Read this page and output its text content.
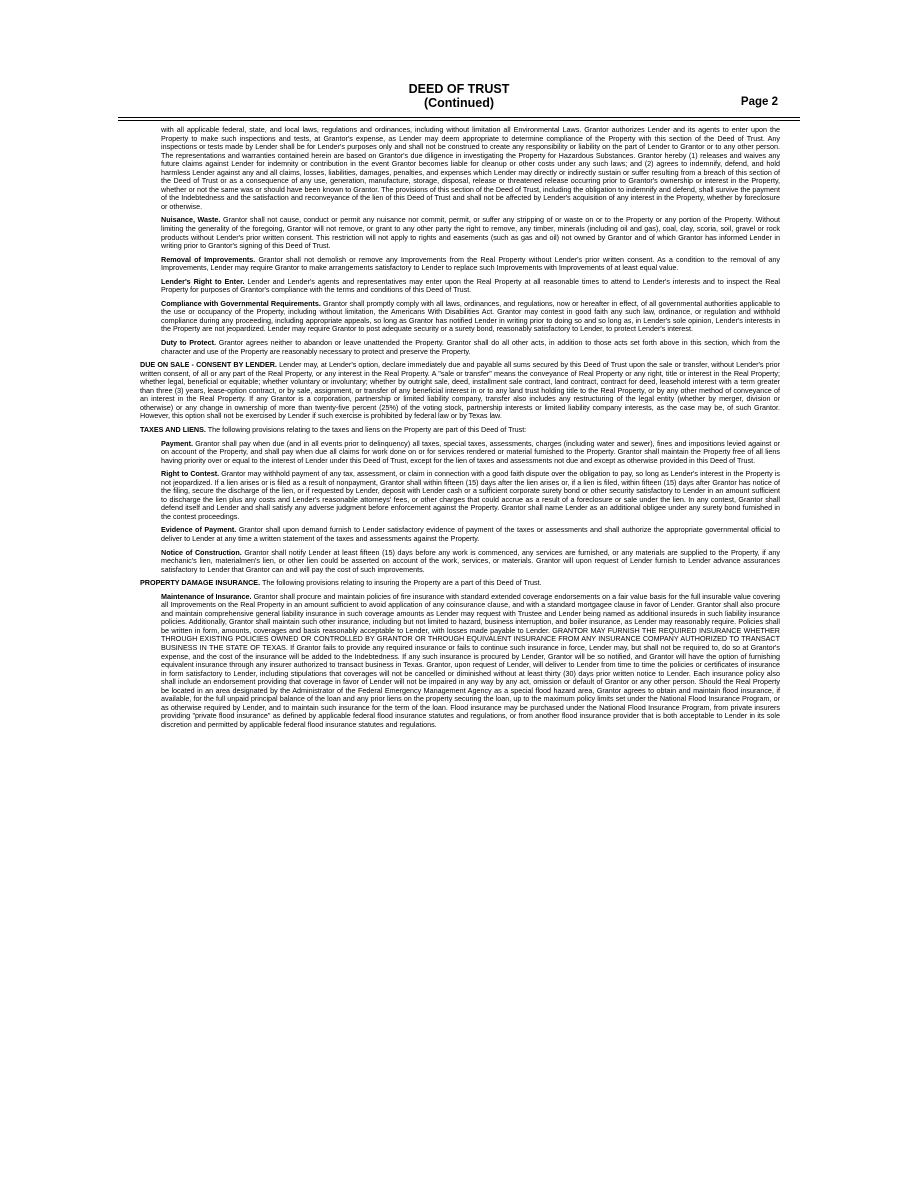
DEED OF TRUST
(Continued)	Page 2

with all applicable federal, state, and local laws, regulations and ordinances, including without limitation all Environmental Laws. Grantor authorizes Lender and its agents to enter upon the Property to make such inspections and tests, at Grantor's expense, as Lender may deem appropriate to determine compliance of the Property with this section of the Deed of Trust. Any inspections or tests made by Lender shall be for Lender's purposes only and shall not be construed to create any responsibility or liability on the part of Lender to Grantor or to any other person. The representations and warranties contained herein are based on Grantor's due diligence in investigating the Property for Hazardous Substances. Grantor hereby (1) releases and waives any future claims against Lender for indemnity or contribution in the event Grantor becomes liable for cleanup or other costs under any such laws; and (2) agrees to indemnify, defend, and hold harmless Lender against any and all claims, losses, liabilities, damages, penalties, and expenses which Lender may directly or indirectly sustain or suffer resulting from a breach of this section of the Deed of Trust or as a consequence of any use, generation, manufacture, storage, disposal, release or threatened release occurring prior to Grantor's ownership or interest in the Property, whether or not the same was or should have been known to Grantor. The provisions of this section of the Deed of Trust, including the obligation to indemnify and defend, shall survive the payment of the Indebtedness and the satisfaction and reconveyance of the lien of this Deed of Trust and shall not be affected by Lender's acquisition of any interest in the Property, whether by foreclosure or otherwise.

Nuisance, Waste. Grantor shall not cause, conduct or permit any nuisance nor commit, permit, or suffer any stripping of or waste on or to the Property or any portion of the Property. Without limiting the generality of the foregoing, Grantor will not remove, or grant to any other party the right to remove, any timber, minerals (including oil and gas), coal, clay, scoria, soil, gravel or rock products without Lender's prior written consent. This restriction will not apply to rights and easements (such as gas and oil) not owned by Grantor and of which Grantor has informed Lender in writing prior to Grantor's signing of this Deed of Trust.

Removal of Improvements. Grantor shall not demolish or remove any Improvements from the Real Property without Lender's prior written consent. As a condition to the removal of any Improvements, Lender may require Grantor to make arrangements satisfactory to Lender to replace such Improvements with Improvements of at least equal value.

Lender's Right to Enter. Lender and Lender's agents and representatives may enter upon the Real Property at all reasonable times to attend to Lender's interests and to inspect the Real Property for purposes of Grantor's compliance with the terms and conditions of this Deed of Trust.

Compliance with Governmental Requirements. Grantor shall promptly comply with all laws, ordinances, and regulations, now or hereafter in effect, of all governmental authorities applicable to the use or occupancy of the Property, including without limitation, the Americans With Disabilities Act. Grantor may contest in good faith any such law, ordinance, or regulation and withhold compliance during any proceeding, including appropriate appeals, so long as Grantor has notified Lender in writing prior to doing so and so long as, in Lender's sole opinion, Lender's interests in the Property are not jeopardized. Lender may require Grantor to post adequate security or a surety bond, reasonably satisfactory to Lender, to protect Lender's interest.

Duty to Protect. Grantor agrees neither to abandon or leave unattended the Property. Grantor shall do all other acts, in addition to those acts set forth above in this section, which from the character and use of the Property are reasonably necessary to protect and preserve the Property.

DUE ON SALE - CONSENT BY LENDER. Lender may, at Lender's option, declare immediately due and payable all sums secured by this Deed of Trust upon the sale or transfer, without Lender's prior written consent, of all or any part of the Real Property, or any interest in the Real Property. A "sale or transfer" means the conveyance of Real Property or any right, title or interest in the Real Property; whether legal, beneficial or equitable; whether voluntary or involuntary; whether by outright sale, deed, installment sale contract, land contract, contract for deed, leasehold interest with a term greater than three (3) years, lease-option contract, or by sale, assignment, or transfer of any beneficial interest in or to any land trust holding title to the Real Property, or by any other method of conveyance of an interest in the Real Property. If any Grantor is a corporation, partnership or limited liability company, transfer also includes any restructuring of the legal entity (whether by merger, division or otherwise) or any change in ownership of more than twenty-five percent (25%) of the voting stock, partnership interests or limited liability company interests, as the case may be, of such Grantor. However, this option shall not be exercised by Lender if such exercise is prohibited by federal law or by Texas law.

TAXES AND LIENS. The following provisions relating to the taxes and liens on the Property are part of this Deed of Trust:

Payment. Grantor shall pay when due (and in all events prior to delinquency) all taxes, special taxes, assessments, charges (including water and sewer), fines and impositions levied against or on account of the Property, and shall pay when due all claims for work done on or for services rendered or material furnished to the Property. Grantor shall maintain the Property free of all liens having priority over or equal to the interest of Lender under this Deed of Trust, except for the lien of taxes and assessments not due and except as otherwise provided in this Deed of Trust.

Right to Contest. Grantor may withhold payment of any tax, assessment, or claim in connection with a good faith dispute over the obligation to pay, so long as Lender's interest in the Property is not jeopardized. If a lien arises or is filed as a result of nonpayment, Grantor shall within fifteen (15) days after the lien arises or, if a lien is filed, within fifteen (15) days after Grantor has notice of the filing, secure the discharge of the lien, or if requested by Lender, deposit with Lender cash or a sufficient corporate surety bond or other security satisfactory to Lender in an amount sufficient to discharge the lien plus any costs and Lender's reasonable attorneys' fees, or other charges that could accrue as a result of a foreclosure or sale under the lien. In any contest, Grantor shall defend itself and Lender and shall satisfy any adverse judgment before enforcement against the Property. Grantor shall name Lender as an additional obligee under any surety bond furnished in the contest proceedings.

Evidence of Payment. Grantor shall upon demand furnish to Lender satisfactory evidence of payment of the taxes or assessments and shall authorize the appropriate governmental official to deliver to Lender at any time a written statement of the taxes and assessments against the Property.

Notice of Construction. Grantor shall notify Lender at least fifteen (15) days before any work is commenced, any services are furnished, or any materials are supplied to the Property, if any mechanic's lien, materialmen's lien, or other lien could be asserted on account of the work, services, or materials. Grantor will upon request of Lender furnish to Lender advance assurances satisfactory to Lender that Grantor can and will pay the cost of such improvements.

PROPERTY DAMAGE INSURANCE. The following provisions relating to insuring the Property are a part of this Deed of Trust.

Maintenance of Insurance. Grantor shall procure and maintain policies of fire insurance with standard extended coverage endorsements on a fair value basis for the full insurable value covering all Improvements on the Real Property in an amount sufficient to avoid application of any coinsurance clause, and with a standard mortgagee clause in favor of Lender. Grantor shall also procure and maintain comprehensive general liability insurance in such coverage amounts as Lender may request with Trustee and Lender being named as additional insureds in such liability insurance policies. Additionally, Grantor shall maintain such other insurance, including but not limited to hazard, business interruption, and boiler insurance, as Lender may reasonably require. Policies shall be written in form, amounts, coverages and basis reasonably acceptable to Lender, with losses made payable to Lender. GRANTOR MAY FURNISH THE REQUIRED INSURANCE WHETHER THROUGH EXISTING POLICIES OWNED OR CONTROLLED BY GRANTOR OR THROUGH EQUIVALENT INSURANCE FROM ANY INSURANCE COMPANY AUTHORIZED TO TRANSACT BUSINESS IN THE STATE OF TEXAS. If Grantor fails to provide any required insurance or fails to continue such insurance in force, Lender may, but shall not be required to, do so at Grantor's expense, and the cost of the insurance will be added to the Indebtedness. If any such insurance is procured by Lender, Grantor will be so notified, and Grantor will have the option of furnishing equivalent insurance through any insurer authorized to transact business in Texas. Grantor, upon request of Lender, will deliver to Lender from time to time the policies or certificates of insurance in form satisfactory to Lender, including stipulations that coverages will not be cancelled or diminished without at least thirty (30) days prior written notice to Lender. Each insurance policy also shall include an endorsement providing that coverage in favor of Lender will not be impaired in any way by any act, omission or default of Grantor or any other person. Should the Real Property be located in an area designated by the Administrator of the Federal Emergency Management Agency as a special flood hazard area, Grantor agrees to obtain and maintain flood insurance, if available, for the full unpaid principal balance of the loan and any prior liens on the property securing the loan, up to the maximum policy limits set under the National Flood Insurance Program, or as otherwise required by Lender, and to maintain such insurance for the term of the loan. Flood insurance may be purchased under the National Flood Insurance Program, from private insurers providing "private flood insurance" as defined by applicable federal flood insurance statutes and regulations, or from another flood insurance provider that is both acceptable to Lender in its sole discretion and permitted by applicable federal flood insurance statutes and regulations.
